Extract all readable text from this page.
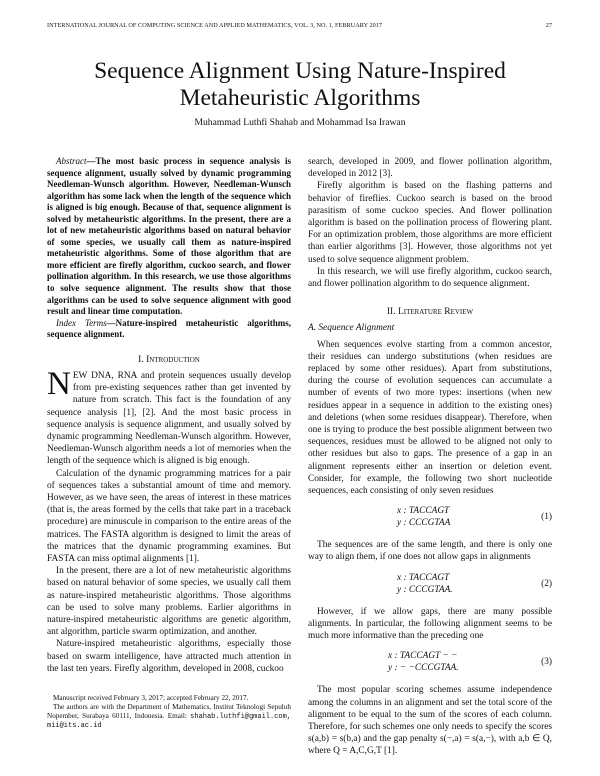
INTERNATIONAL JOURNAL OF COMPUTING SCIENCE AND APPLIED MATHEMATICS, VOL. 3, NO. 1, FEBRUARY 2017	27
Sequence Alignment Using Nature-Inspired
Metaheuristic Algorithms
Muhammad Luthfi Shahab and Mohammad Isa Irawan

Abstract—The most basic process in sequence analysis is sequence alignment, usually solved by dynamic programming Needleman-Wunsch algorithm. However, Needleman-Wunsch algorithm has some lack when the length of the sequence which is aligned is big enough. Because of that, sequence alignment is solved by metaheuristic algorithms. In the present, there are a lot of new metaheuristic algorithms based on natural behavior of some species, we usually call them as nature-inspired metaheuristic algorithms. Some of those algorithm that are more efficient are firefly algorithm, cuckoo search, and flower pollination algorithm. In this research, we use those algorithms to solve sequence alignment. The results show that those algorithms can be used to solve sequence alignment with good result and linear time computation.

Index Terms—Nature-inspired metaheuristic algorithms, sequence alignment.

I. Introduction

NEW DNA, RNA and protein sequences usually develop from pre-existing sequences rather than get invented by nature from scratch. This fact is the foundation of any sequence analysis [1], [2]. And the most basic process in sequence analysis is sequence alignment, and usually solved by dynamic programming Needleman-Wunsch algorithm. However, Needleman-Wunsch algorithm needs a lot of memories when the length of the sequence which is aligned is big enough.

Calculation of the dynamic programming matrices for a pair of sequences takes a substantial amount of time and memory. However, as we have seen, the areas of interest in these matrices (that is, the areas formed by the cells that take part in a traceback procedure) are minuscule in comparison to the entire areas of the matrices. The FASTA algorithm is designed to limit the areas of the matrices that the dynamic programming examines. But FASTA can miss optimal alignments [1].

In the present, there are a lot of new metaheuristic algorithms based on natural behavior of some species, we usually call them as nature-inspired metaheuristic algorithms. Those algorithms can be used to solve many problems. Earlier algorithms in nature-inspired metaheuristic algorithms are genetic algorithm, ant algorithm, particle swarm optimization, and another.

Nature-inspired metaheuristic algorithms, especially those based on swarm intelligence, have attracted much attention in the last ten years. Firefly algorithm, developed in 2008, cuckoo

Manuscript received February 3, 2017; accepted February 22, 2017.

The authors are with the Department of Mathematics, Institut Teknologi Sepuluh Nopember, Surabaya 60111, Indonesia. Email: shahab.luthfi@gmail.com, mii@its.ac.id

search, developed in 2009, and flower pollination algorithm, developed in 2012 [3].

Firefly algorithm is based on the flashing patterns and behavior of fireflies. Cuckoo search is based on the brood parasitism of some cuckoo species. And flower pollination algorithm is based on the pollination process of flowering plant. For an optimization problem, those algorithms are more efficient than earlier algorithms [3]. However, those algorithms not yet used to solve sequence alignment problem.

In this research, we will use firefly algorithm, cuckoo search, and flower pollination algorithm to do sequence alignment.

II. Literature Review
A. Sequence Alignment

When sequences evolve starting from a common ancestor, their residues can undergo substitutions (when residues are replaced by some other residues). Apart from substitutions, during the course of evolution sequences can accumulate a number of events of two more types: insertions (when new residues appear in a sequence in addition to the existing ones) and deletions (when some residues disappear). Therefore, when one is trying to produce the best possible alignment between two sequences, residues must be allowed to be aligned not only to other residues but also to gaps. The presence of a gap in an alignment represents either an insertion or deletion event. Consider, for example, the following two short nucleotide sequences, each consisting of only seven residues

x : TACCAGT
y : CCCGTAA
(1)

The sequences are of the same length, and there is only one way to align them, if one does not allow gaps in alignments

x : TACCAGT
y : CCCGTAA.
(2)

However, if we allow gaps, there are many possible alignments. In particular, the following alignment seems to be much more informative than the preceding one

x : TACCAGT − −
y : − −CCCGTAA.
(3)

The most popular scoring schemes assume independence among the columns in an alignment and set the total score of the alignment to be equal to the sum of the scores of each column. Therefore, for such schemes one only needs to specify the scores s(a,b) = s(b,a) and the gap penalty s(−,a) = s(a,−), with a,b ∈ Q, where Q = A,C,G,T [1].
